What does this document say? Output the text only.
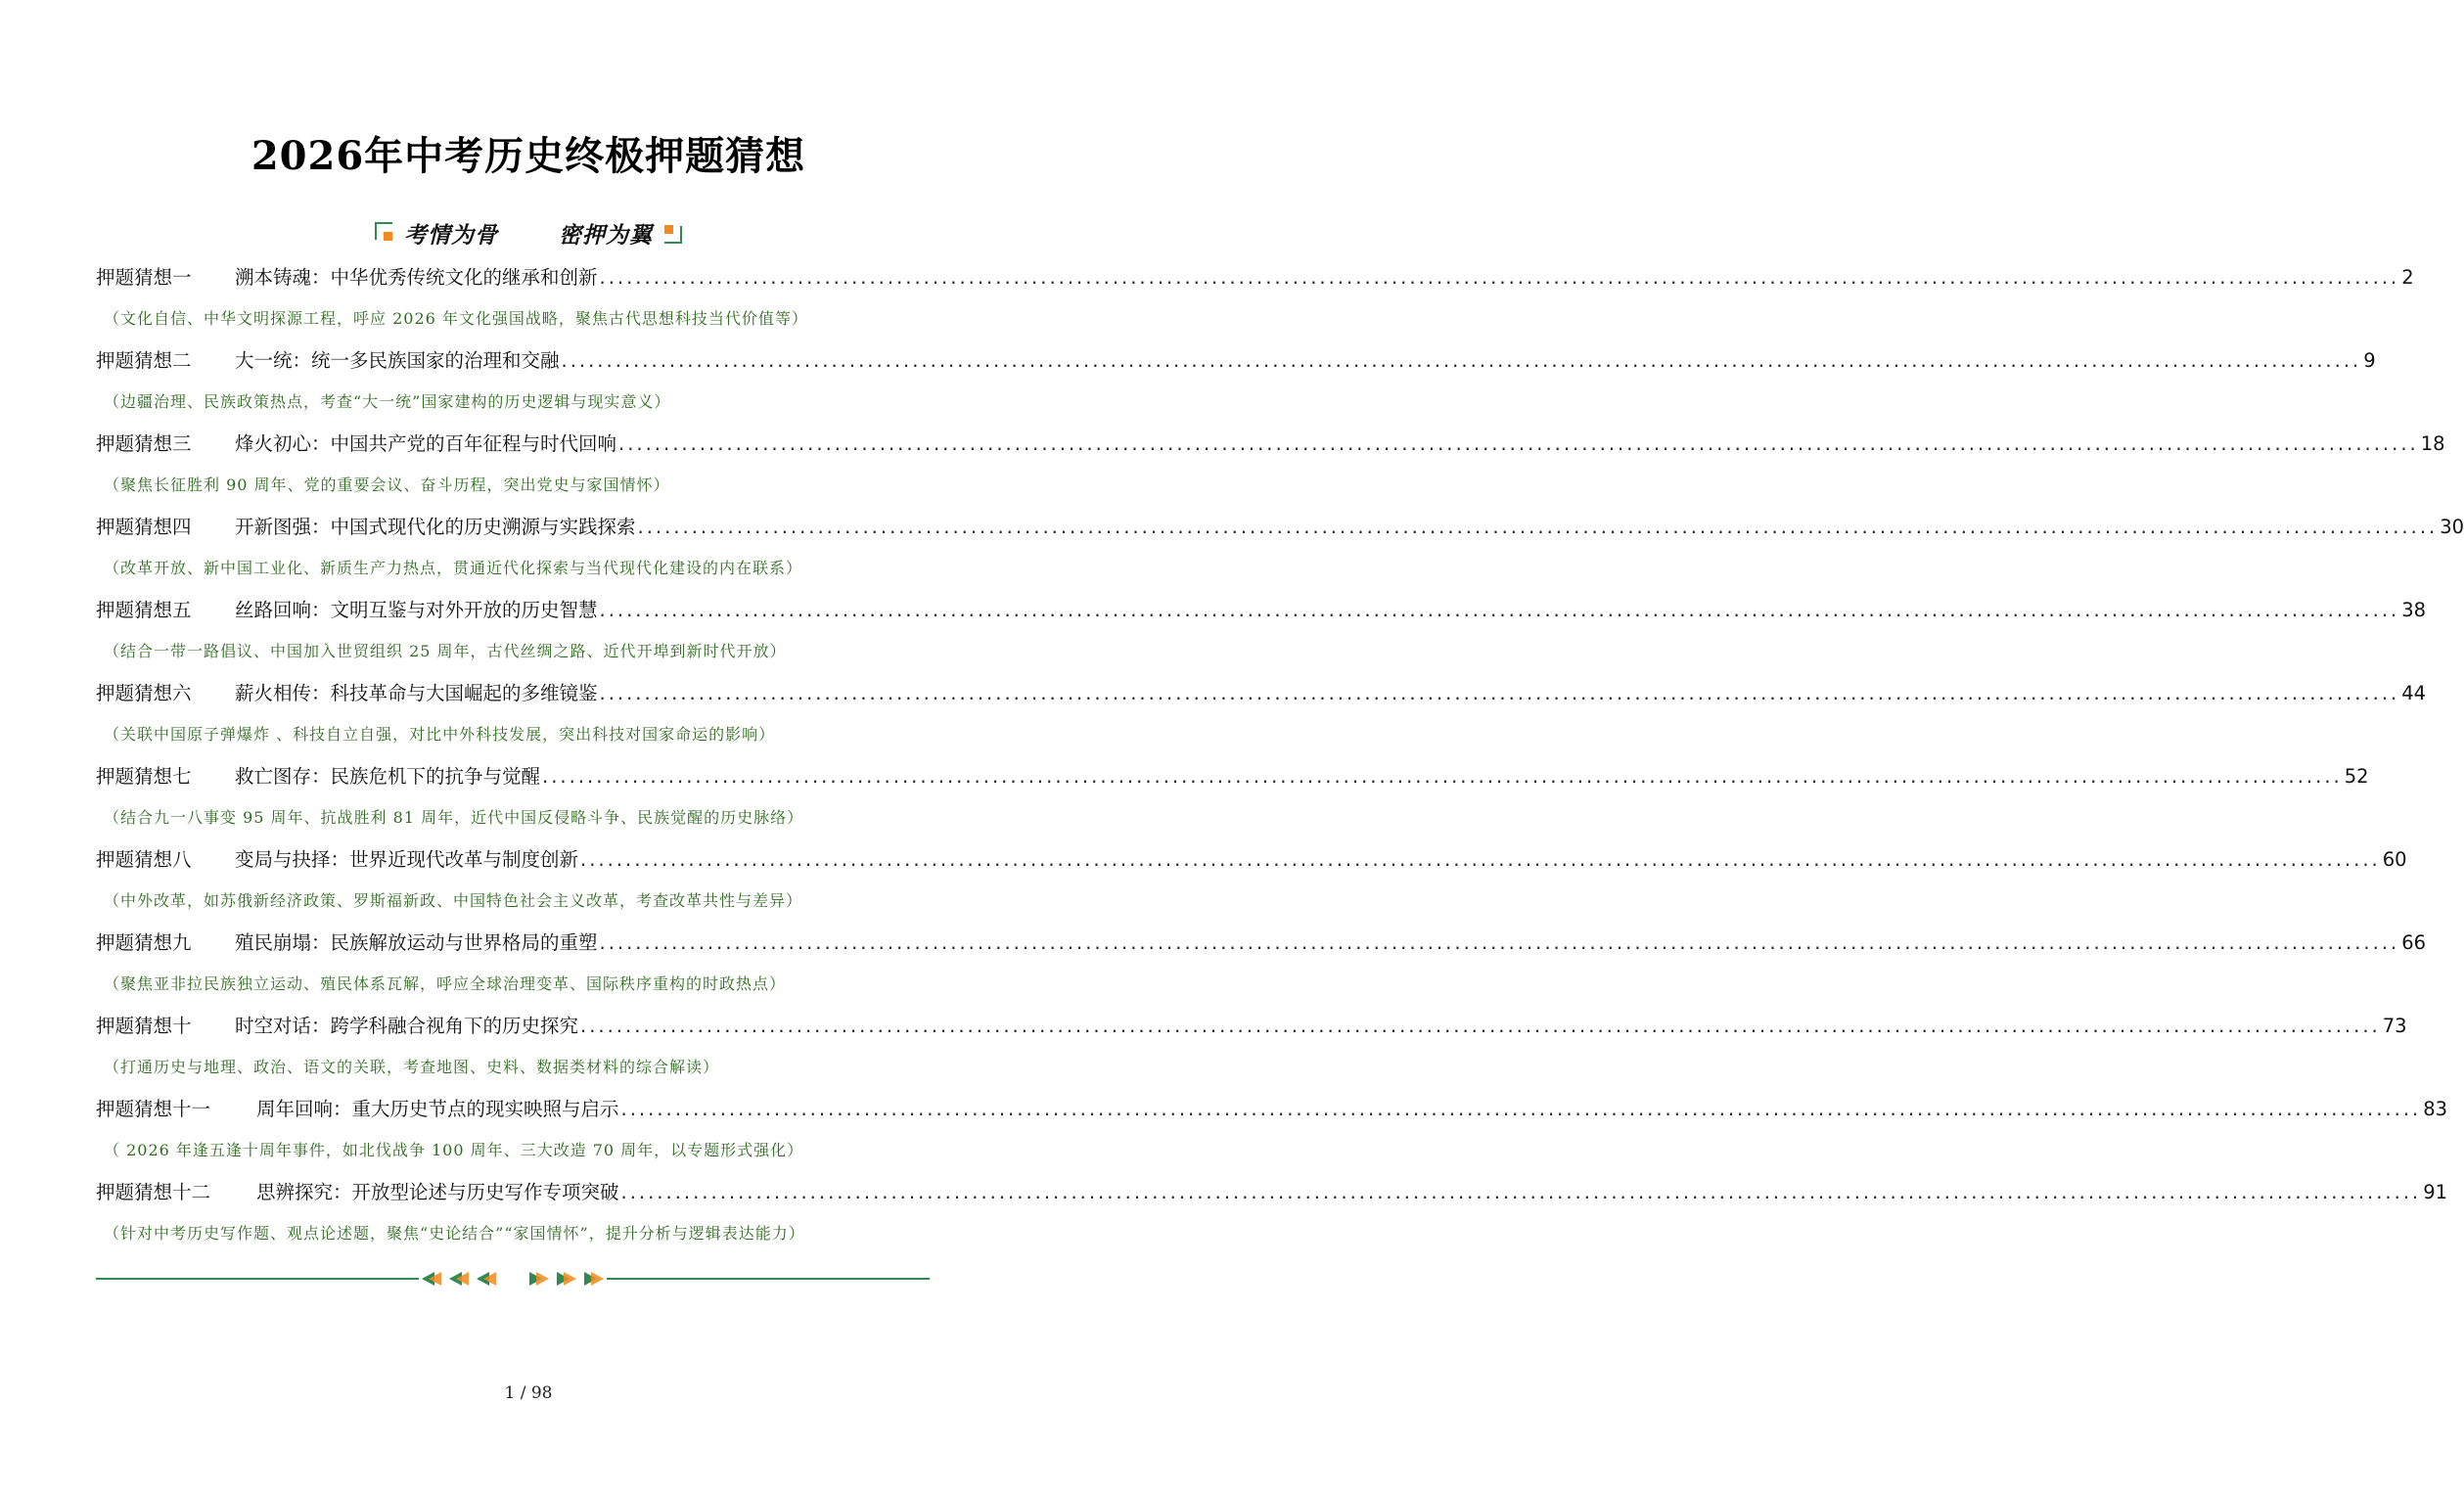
2026年中考历史终极押题猜想
考情为骨	密押为翼
押题猜想一	溯本铸魂：中华优秀传统文化的继承和创新 ........................................................................................................................................................................................................ 2
（文化自信、中华文明探源工程，呼应 2026 年文化强国战略，聚焦古代思想科技当代价值等）
押题猜想二	大一统：统一多民族国家的治理和交融 ........................................................................................................................................................................................................ 9
（边疆治理、民族政策热点，考查“大一统”国家建构的历史逻辑与现实意义）
押题猜想三	烽火初心：中国共产党的百年征程与时代回响 ........................................................................................................................................................................................................ 18
（聚焦长征胜利 90 周年、党的重要会议、奋斗历程，突出党史与家国情怀）
押题猜想四	开新图强：中国式现代化的历史溯源与实践探索 ........................................................................................................................................................................................................ 30
（改革开放、新中国工业化、新质生产力热点，贯通近代化探索与当代现代化建设的内在联系）
押题猜想五	丝路回响：文明互鉴与对外开放的历史智慧 ........................................................................................................................................................................................................ 38
（结合一带一路倡议、中国加入世贸组织 25 周年，古代丝绸之路、近代开埠到新时代开放）
押题猜想六	薪火相传：科技革命与大国崛起的多维镜鉴 ........................................................................................................................................................................................................ 44
（关联中国原子弹爆炸 、科技自立自强，对比中外科技发展，突出科技对国家命运的影响）
押题猜想七	救亡图存：民族危机下的抗争与觉醒 ........................................................................................................................................................................................................ 52
（结合九一八事变 95 周年、抗战胜利 81 周年，近代中国反侵略斗争、民族觉醒的历史脉络）
押题猜想八	变局与抉择：世界近现代改革与制度创新 ........................................................................................................................................................................................................ 60
（中外改革，如苏俄新经济政策、罗斯福新政、中国特色社会主义改革，考查改革共性与差异）
押题猜想九	殖民崩塌：民族解放运动与世界格局的重塑 ........................................................................................................................................................................................................ 66
（聚焦亚非拉民族独立运动、殖民体系瓦解，呼应全球治理变革、国际秩序重构的时政热点）
押题猜想十	时空对话：跨学科融合视角下的历史探究 ........................................................................................................................................................................................................ 73
（打通历史与地理、政治、语文的关联，考查地图、史料、数据类材料的综合解读）
押题猜想十一	周年回响：重大历史节点的现实映照与启示 ........................................................................................................................................................................................................ 83
（ 2026 年逢五逢十周年事件，如北伐战争 100 周年、三大改造 70 周年，以专题形式强化）
押题猜想十二	思辨探究：开放型论述与历史写作专项突破 ........................................................................................................................................................................................................ 91
（针对中考历史写作题、观点论述题，聚焦“史论结合”“家国情怀”，提升分析与逻辑表达能力）
1 / 98
